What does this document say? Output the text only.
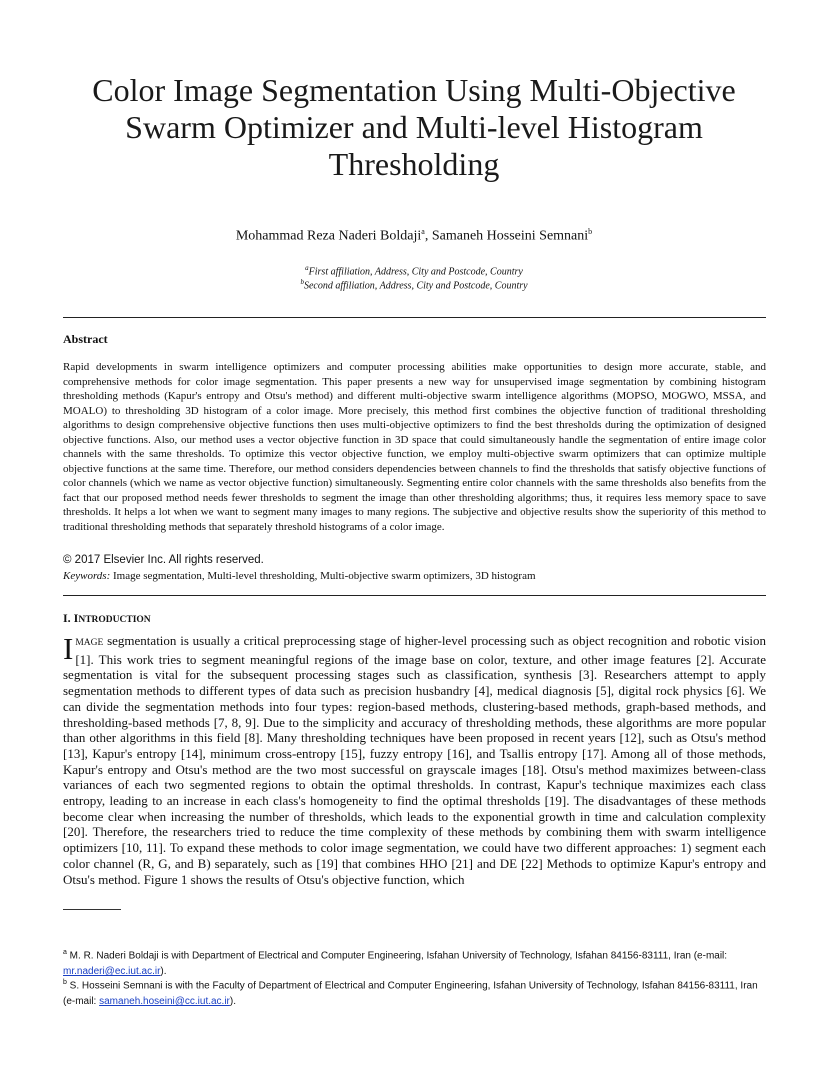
Color Image Segmentation Using Multi-Objective Swarm Optimizer and Multi-level Histogram Thresholding
Mohammad Reza Naderi Boldaji$^a$, Samaneh Hosseini Semnani$^b$
$^a$First affiliation, Address, City and Postcode, Country
$^b$Second affiliation, Address, City and Postcode, Country
Abstract
Rapid developments in swarm intelligence optimizers and computer processing abilities make opportunities to design more accurate, stable, and comprehensive methods for color image segmentation. This paper presents a new way for unsupervised image segmentation by combining histogram thresholding methods (Kapur's entropy and Otsu's method) and different multi-objective swarm intelligence algorithms (MOPSO, MOGWO, MSSA, and MOALO) to thresholding 3D histogram of a color image. More precisely, this method first combines the objective function of traditional thresholding algorithms to design comprehensive objective functions then uses multi-objective optimizers to find the best thresholds during the optimization of designed objective functions. Also, our method uses a vector objective function in 3D space that could simultaneously handle the segmentation of entire image color channels with the same thresholds. To optimize this vector objective function, we employ multi-objective swarm optimizers that can optimize multiple objective functions at the same time. Therefore, our method considers dependencies between channels to find the thresholds that satisfy objective functions of color channels (which we name as vector objective function) simultaneously. Segmenting entire color channels with the same thresholds also benefits from the fact that our proposed method needs fewer thresholds to segment the image than other thresholding algorithms; thus, it requires less memory space to save thresholds. It helps a lot when we want to segment many images to many regions. The subjective and objective results show the superiority of this method to traditional thresholding methods that separately threshold histograms of a color image.
© 2017 Elsevier Inc. All rights reserved.
Keywords: Image segmentation, Multi-level thresholding, Multi-objective swarm optimizers, 3D histogram
I. INTRODUCTION
IMAGE segmentation is usually a critical preprocessing stage of higher-level processing such as object recognition and robotic vision [1]. This work tries to segment meaningful regions of the image base on color, texture, and other image features [2]. Accurate segmentation is vital for the subsequent processing stages such as classification, synthesis [3]. Researchers attempt to apply segmentation methods to different types of data such as precision husbandry [4], medical diagnosis [5], digital rock physics [6]. We can divide the segmentation methods into four types: region-based methods, clustering-based methods, graph-based methods, and thresholding-based methods [7, 8, 9]. Due to the simplicity and accuracy of thresholding methods, these algorithms are more popular than other algorithms in this field [8]. Many thresholding techniques have been proposed in recent years [12], such as Otsu's method [13], Kapur's entropy [14], minimum cross-entropy [15], fuzzy entropy [16], and Tsallis entropy [17]. Among all of those methods, Kapur's entropy and Otsu's method are the two most successful on grayscale images [18]. Otsu's method maximizes between-class variances of each two segmented regions to obtain the optimal thresholds. In contrast, Kapur's technique maximizes each class entropy, leading to an increase in each class's homogeneity to find the optimal thresholds [19]. The disadvantages of these methods become clear when increasing the number of thresholds, which leads to the exponential growth in time and calculation complexity [20]. Therefore, the researchers tried to reduce the time complexity of these methods by combining them with swarm intelligence optimizers [10, 11]. To expand these methods to color image segmentation, we could have two different approaches: 1) segment each color channel (R, G, and B) separately, such as [19] that combines HHO [21] and DE [22] Methods to optimize Kapur's entropy and Otsu's method. Figure 1 shows the results of Otsu's objective function, which
$^a$ M. R. Naderi Boldaji is with Department of Electrical and Computer Engineering, Isfahan University of Technology, Isfahan 84156-83111, Iran (e-mail: mr.naderi@ec.iut.ac.ir).
$^b$ S. Hosseini Semnani is with the Faculty of Department of Electrical and Computer Engineering, Isfahan University of Technology, Isfahan 84156-83111, Iran (e-mail: samaneh.hoseini@cc.iut.ac.ir).
